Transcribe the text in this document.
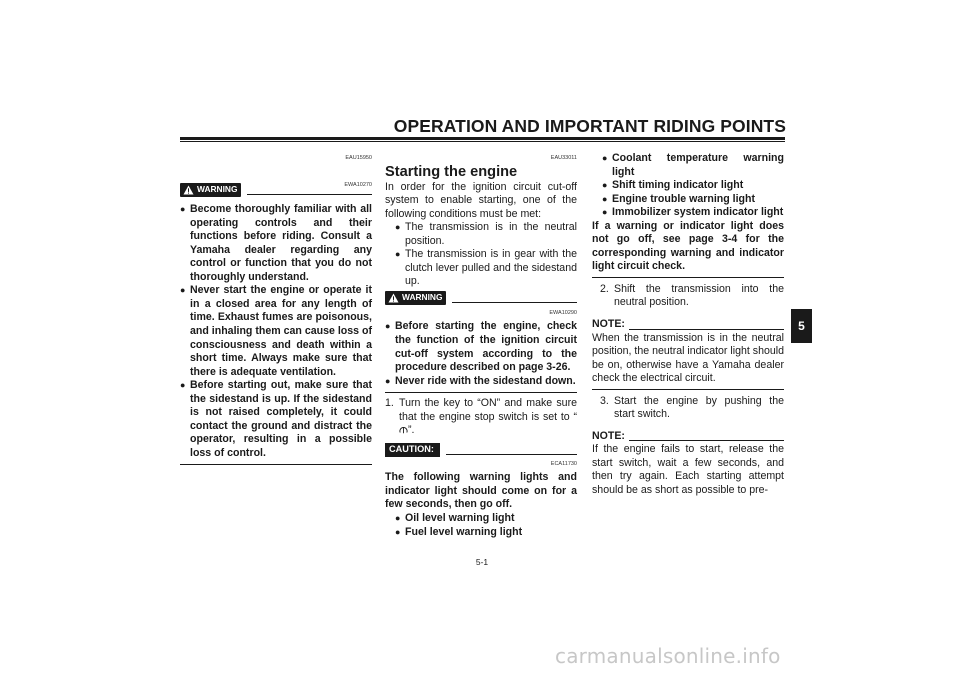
OPERATION AND IMPORTANT RIDING POINTS
EAU15950
WARNING	EWA10270
● Become thoroughly familiar with all operating controls and their functions before riding. Consult a Yamaha dealer regarding any control or function that you do not thoroughly understand.
● Never start the engine or operate it in a closed area for any length of time. Exhaust fumes are poisonous, and inhaling them can cause loss of consciousness and death within a short time. Always make sure that there is adequate ventilation.
● Before starting out, make sure that the sidestand is up. If the sidestand is not raised completely, it could contact the ground and distract the operator, resulting in a possible loss of control.
EAU33011
Starting the engine
In order for the ignition circuit cut-off system to enable starting, one of the following conditions must be met:
● The transmission is in the neutral position.
● The transmission is in gear with the clutch lever pulled and the sidestand up.
WARNING
EWA10290
● Before starting the engine, check the function of the ignition circuit cut-off system according to the procedure described on page 3-26.
● Never ride with the sidestand down.
1. Turn the key to “ON” and make sure that the engine stop switch is set to “”.
CAUTION:
ECA11730
The following warning lights and indicator light should come on for a few seconds, then go off.
● Oil level warning light
● Fuel level warning light
● Coolant temperature warning light
● Shift timing indicator light
● Engine trouble warning light
● Immobilizer system indicator light
If a warning or indicator light does not go off, see page 3-4 for the corresponding warning and indicator light circuit check.
2. Shift the transmission into the neutral position.
NOTE:
When the transmission is in the neutral position, the neutral indicator light should be on, otherwise have a Yamaha dealer check the electrical circuit.
3. Start the engine by pushing the start switch.
NOTE:
If the engine fails to start, release the start switch, wait a few seconds, and then try again. Each starting attempt should be as short as possible to pre-
5
5-1
carmanualsonline.info
